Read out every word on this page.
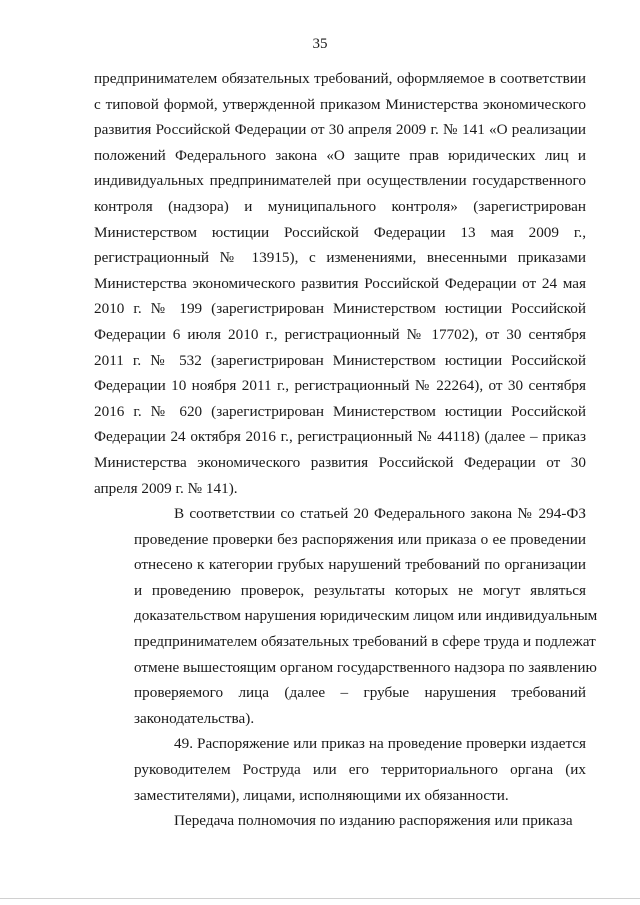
35
предпринимателем обязательных требований, оформляемое в соответствии
с типовой формой, утвержденной приказом Министерства экономического
развития Российской Федерации от 30 апреля 2009 г. № 141 «О реализации
положений Федерального закона «О защите прав юридических лиц и
индивидуальных предпринимателей при осуществлении государственного
контроля (надзора) и муниципального контроля» (зарегистрирован
Министерством юстиции Российской Федерации 13 мая 2009 г.,
регистрационный № 13915), с изменениями, внесенными приказами
Министерства экономического развития Российской Федерации от 24 мая
2010 г. № 199 (зарегистрирован Министерством юстиции Российской
Федерации 6 июля 2010 г., регистрационный № 17702), от 30 сентября
2011 г. № 532 (зарегистрирован Министерством юстиции Российской
Федерации 10 ноября 2011 г., регистрационный № 22264), от 30 сентября
2016 г. № 620 (зарегистрирован Министерством юстиции Российской
Федерации 24 октября 2016 г., регистрационный № 44118) (далее – приказ
Министерства экономического развития Российской Федерации от 30
апреля 2009 г. № 141).
В соответствии со статьей 20 Федерального закона № 294-ФЗ
проведение проверки без распоряжения или приказа о ее проведении
отнесено к категории грубых нарушений требований по организации
и проведению проверок, результаты которых не могут являться
доказательством нарушения юридическим лицом или индивидуальным
предпринимателем обязательных требований в сфере труда и подлежат
отмене вышестоящим органом государственного надзора по заявлению
проверяемого лица (далее – грубые нарушения требований
законодательства).
49. Распоряжение или приказ на проведение проверки издается
руководителем Роструда или его территориального органа (их
заместителями), лицами, исполняющими их обязанности.
Передача полномочия по изданию распоряжения или приказа
